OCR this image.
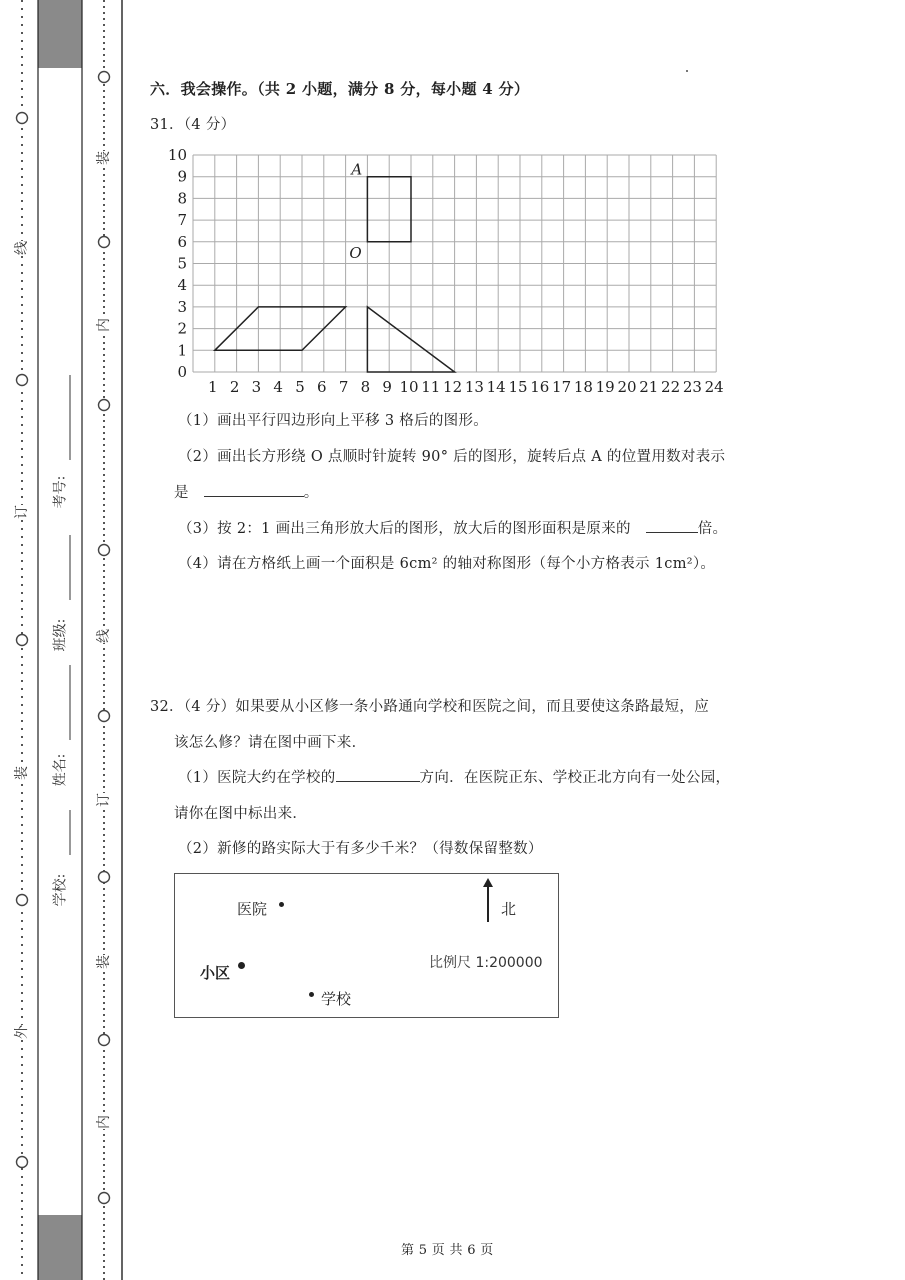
线
订
装
外
装
内
线
订
装
内
考号:
班级:
姓名:
学校:
六．我会操作。（共 2 小题，满分 8 分，每小题 4 分）
31．（4 分）
0
1
2
3
4
5
6
7
8
9
10
1 2 3 4 5 6 7 8 9 10 11 12 13 14 15 16 17 18 19 20 21 22 23 24
A
O
（1）画出平行四边形向上平移 3 格后的图形。
（2）画出长方形绕 O 点顺时针旋转 90° 后的图形，旋转后点 A 的位置用数对表示
是	。
（3）按 2：1 画出三角形放大后的图形，放大后的图形面积是原来的	倍。
（4）请在方格纸上画一个面积是 6cm² 的轴对称图形（每个小方格表示 1cm²）。
32．（4 分）如果要从小区修一条小路通向学校和医院之间，而且要使这条路最短，应
该怎么修？请在图中画下来．
（1）医院大约在学校的	方向．在医院正东、学校正北方向有一处公园，
请你在图中标出来．
（2）新修的路实际大于有多少千米？（得数保留整数）
医院
小区
学校
北
比例尺 1:200000
第 5 页 共 6 页
